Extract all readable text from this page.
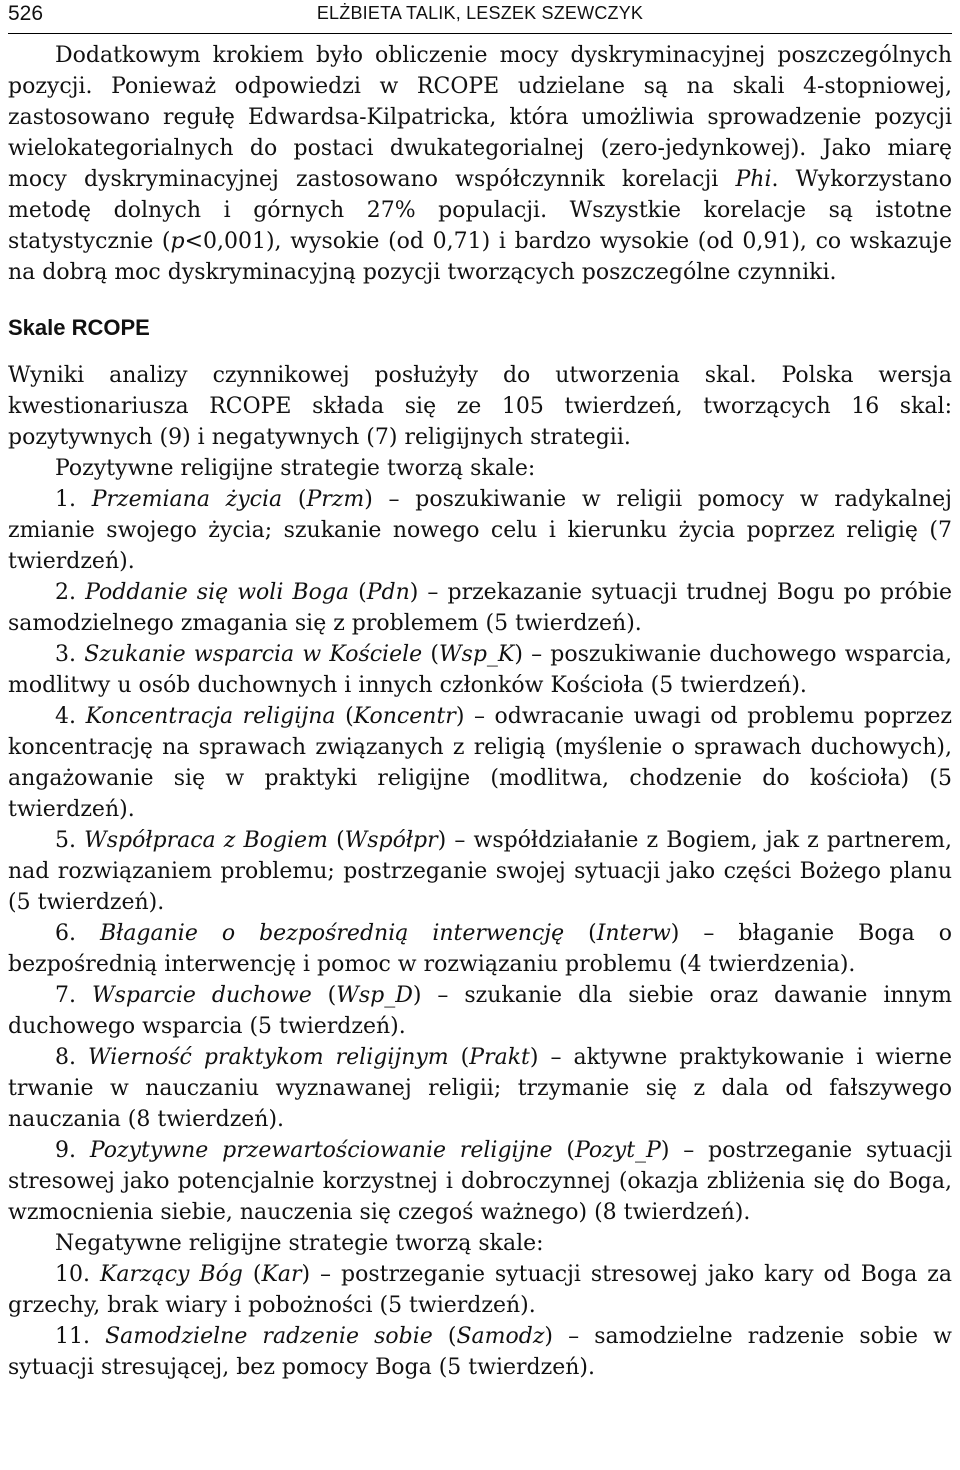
526	ELŻBIETA TALIK, LESZEK SZEWCZYK

Dodatkowym krokiem było obliczenie mocy dyskryminacyjnej poszczególnych pozycji. Ponieważ odpowiedzi w RCOPE udzielane są na skali 4-stopniowej, zastosowano regułę Edwardsa-Kilpatricka, która umożliwia sprowadzenie pozycji wielokategorialnych do postaci dwukategorialnej (zero-jedynkowej). Jako miarę mocy dyskryminacyjnej zastosowano współczynnik korelacji Phi. Wykorzystano metodę dolnych i górnych 27% populacji. Wszystkie korelacje są istotne statystycznie (p<0,001), wysokie (od 0,71) i bardzo wysokie (od 0,91), co wskazuje na dobrą moc dyskryminacyjną pozycji tworzących poszczególne czynniki.

Skale RCOPE

Wyniki analizy czynnikowej posłużyły do utworzenia skal. Polska wersja kwestionariusza RCOPE składa się ze 105 twierdzeń, tworzących 16 skal: pozytywnych (9) i negatywnych (7) religijnych strategii.

Pozytywne religijne strategie tworzą skale:

1. Przemiana życia (Przm) – poszukiwanie w religii pomocy w radykalnej zmianie swojego życia; szukanie nowego celu i kierunku życia poprzez religię (7 twierdzeń).

2. Poddanie się woli Boga (Pdn) – przekazanie sytuacji trudnej Bogu po próbie samodzielnego zmagania się z problemem (5 twierdzeń).

3. Szukanie wsparcia w Kościele (Wsp_K) – poszukiwanie duchowego wsparcia, modlitwy u osób duchownych i innych członków Kościoła (5 twierdzeń).

4. Koncentracja religijna (Koncentr) – odwracanie uwagi od problemu poprzez koncentrację na sprawach związanych z religią (myślenie o sprawach duchowych), angażowanie się w praktyki religijne (modlitwa, chodzenie do kościoła) (5 twierdzeń).

5. Współpraca z Bogiem (Współpr) – współdziałanie z Bogiem, jak z partnerem, nad rozwiązaniem problemu; postrzeganie swojej sytuacji jako części Bożego planu (5 twierdzeń).

6. Błaganie o bezpośrednią interwencję (Interw) – błaganie Boga o bezpośrednią interwencję i pomoc w rozwiązaniu problemu (4 twierdzenia).

7. Wsparcie duchowe (Wsp_D) – szukanie dla siebie oraz dawanie innym duchowego wsparcia (5 twierdzeń).

8. Wierność praktykom religijnym (Prakt) – aktywne praktykowanie i wierne trwanie w nauczaniu wyznawanej religii; trzymanie się z dala od fałszywego nauczania (8 twierdzeń).

9. Pozytywne przewartościowanie religijne (Pozyt_P) – postrzeganie sytuacji stresowej jako potencjalnie korzystnej i dobroczynnej (okazja zbliżenia się do Boga, wzmocnienia siebie, nauczenia się czegoś ważnego) (8 twierdzeń).

Negatywne religijne strategie tworzą skale:

10. Karzący Bóg (Kar) – postrzeganie sytuacji stresowej jako kary od Boga za grzechy, brak wiary i pobożności (5 twierdzeń).

11. Samodzielne radzenie sobie (Samodz) – samodzielne radzenie sobie w sytuacji stresującej, bez pomocy Boga (5 twierdzeń).
